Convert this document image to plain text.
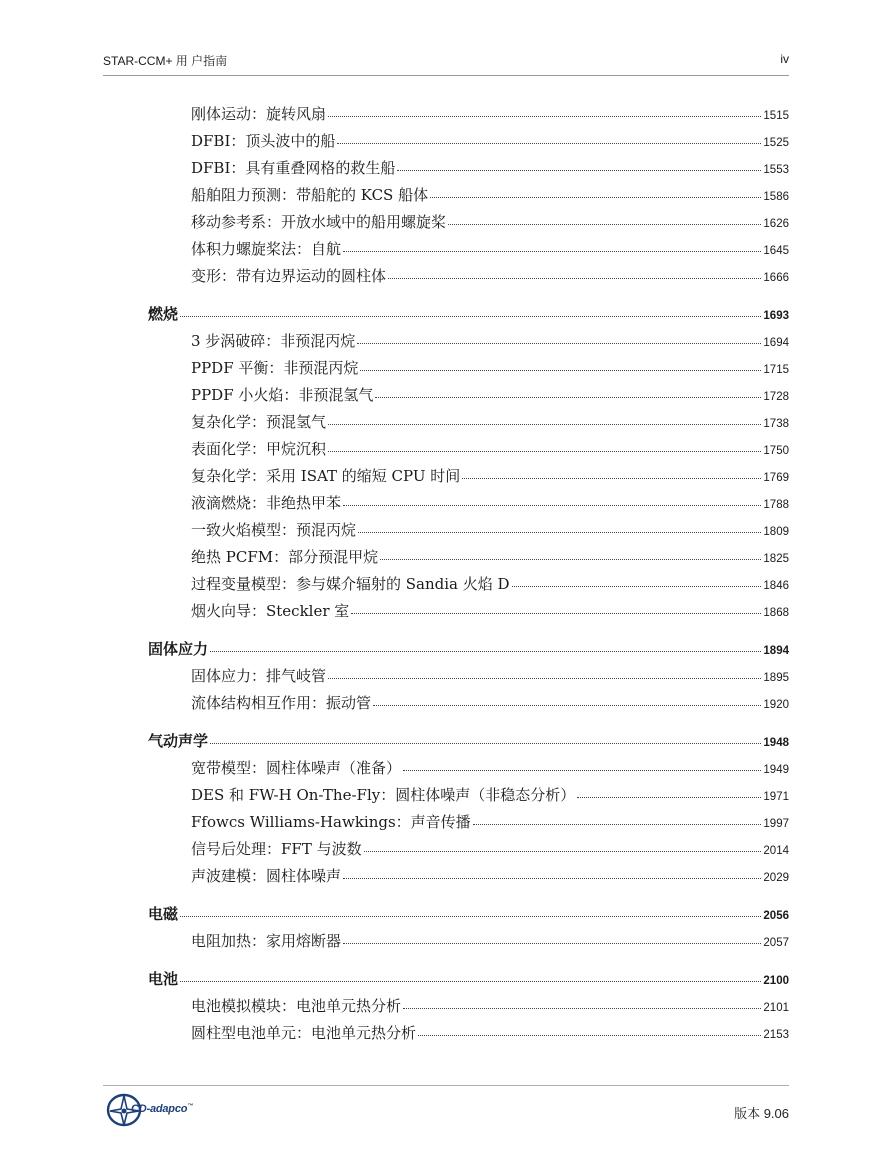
STAR-CCM+ 用 户指南	iv
刚体运动：旋转风扇	1515
DFBI：顶头波中的船	1525
DFBI：具有重叠网格的救生船	1553
船舶阻力预测：带船舵的 KCS 船体	1586
移动参考系：开放水域中的船用螺旋桨	1626
体积力螺旋桨法：自航	1645
变形：带有边界运动的圆柱体	1666
燃烧	1693
3 步涡破碎：非预混丙烷	1694
PPDF 平衡：非预混丙烷	1715
PPDF 小火焰：非预混氢气	1728
复杂化学：预混氢气	1738
表面化学：甲烷沉积	1750
复杂化学：采用 ISAT 的缩短 CPU 时间	1769
液滴燃烧：非绝热甲苯	1788
一致火焰模型：预混丙烷	1809
绝热 PCFM：部分预混甲烷	1825
过程变量模型：参与媒介辐射的 Sandia 火焰 D	1846
烟火向导：Steckler 室	1868
固体应力	1894
固体应力：排气岐管	1895
流体结构相互作用：振动管	1920
气动声学	1948
宽带模型：圆柱体噪声（准备）	1949
DES 和 FW-H On-The-Fly：圆柱体噪声（非稳态分析）	1971
Ffowcs Williams-Hawkings：声音传播	1997
信号后处理：FFT 与波数	2014
声波建模：圆柱体噪声	2029
电磁	2056
电阻加热：家用熔断器	2057
电池	2100
电池模拟模块：电池单元热分析	2101
圆柱型电池单元：电池单元热分析	2153
CD-adapco™	版本 9.06
